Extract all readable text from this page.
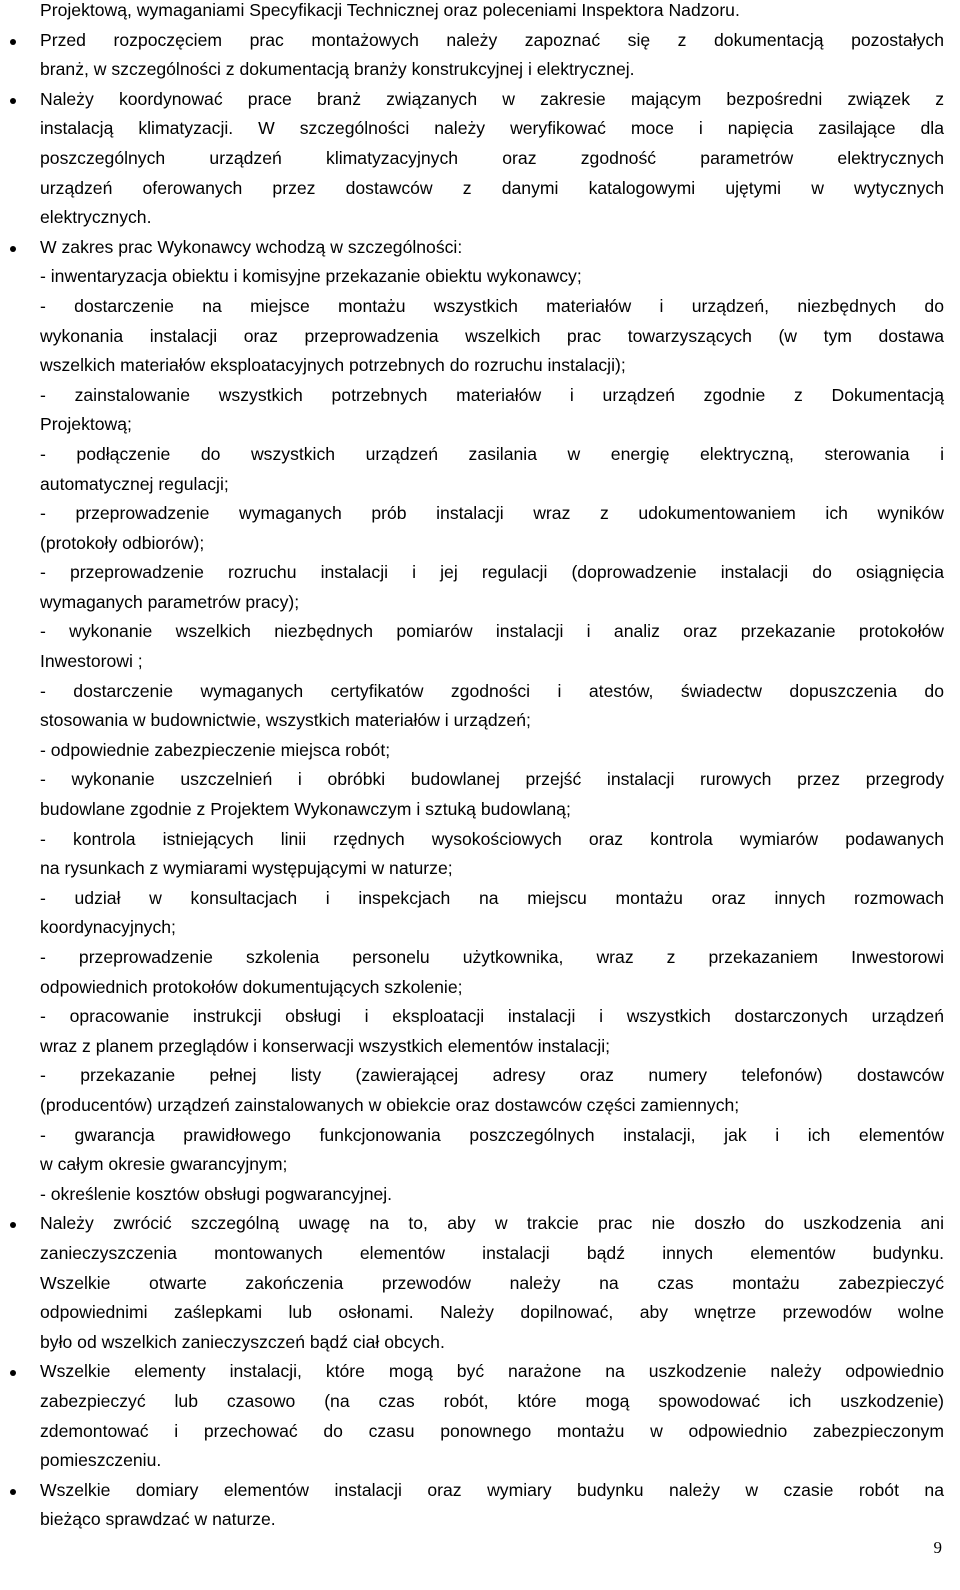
Projektową, wymaganiami Specyfikacji Technicznej oraz poleceniami Inspektora Nadzoru.
Przed rozpoczęciem prac montażowych należy zapoznać się z dokumentacją pozostałych
branż, w szczególności z dokumentacją branży konstrukcyjnej i elektrycznej.
Należy koordynować prace branż związanych w zakresie mającym bezpośredni związek z
instalacją klimatyzacji. W szczególności należy weryfikować moce i napięcia zasilające dla
poszczególnych urządzeń klimatyzacyjnych oraz zgodność parametrów elektrycznych
urządzeń oferowanych przez dostawców z danymi katalogowymi ujętymi w wytycznych
elektrycznych.
W zakres prac Wykonawcy wchodzą w szczególności:
- inwentaryzacja obiektu i komisyjne przekazanie obiektu wykonawcy;
- dostarczenie na miejsce montażu wszystkich materiałów i urządzeń, niezbędnych do
wykonania instalacji oraz przeprowadzenia wszelkich prac towarzyszących (w tym dostawa
wszelkich materiałów eksploatacyjnych potrzebnych do rozruchu instalacji);
- zainstalowanie wszystkich potrzebnych materiałów i urządzeń zgodnie z Dokumentacją
Projektową;
- podłączenie do wszystkich urządzeń zasilania w energię elektryczną, sterowania i
automatycznej regulacji;
- przeprowadzenie wymaganych prób instalacji wraz z udokumentowaniem ich wyników
(protokoły odbiorów);
- przeprowadzenie rozruchu instalacji i jej regulacji (doprowadzenie instalacji do osiągnięcia
wymaganych parametrów pracy);
- wykonanie wszelkich niezbędnych pomiarów instalacji i analiz oraz przekazanie protokołów
Inwestorowi ;
- dostarczenie wymaganych certyfikatów zgodności i atestów, świadectw dopuszczenia do
stosowania w budownictwie, wszystkich materiałów i urządzeń;
- odpowiednie zabezpieczenie miejsca robót;
- wykonanie uszczelnień i obróbki budowlanej przejść instalacji rurowych przez przegrody
budowlane zgodnie z Projektem Wykonawczym i sztuką budowlaną;
- kontrola istniejących linii rzędnych wysokościowych oraz kontrola wymiarów podawanych
na rysunkach z wymiarami występującymi w naturze;
- udział w konsultacjach i inspekcjach na miejscu montażu oraz innych rozmowach
koordynacyjnych;
- przeprowadzenie szkolenia personelu użytkownika, wraz z przekazaniem Inwestorowi
odpowiednich protokołów dokumentujących szkolenie;
- opracowanie instrukcji obsługi i eksploatacji instalacji i wszystkich dostarczonych urządzeń
wraz z planem przeglądów i konserwacji wszystkich elementów instalacji;
- przekazanie pełnej listy (zawierającej adresy oraz numery telefonów) dostawców
(producentów) urządzeń zainstalowanych w obiekcie oraz dostawców części zamiennych;
- gwarancja prawidłowego funkcjonowania poszczególnych instalacji, jak i ich elementów
w całym okresie gwarancyjnym;
- określenie kosztów obsługi pogwarancyjnej.
Należy zwrócić szczególną uwagę na to, aby w trakcie prac nie doszło do uszkodzenia ani
zanieczyszczenia montowanych elementów instalacji bądź innych elementów budynku.
Wszelkie otwarte zakończenia przewodów należy na czas montażu zabezpieczyć
odpowiednimi zaślepkami lub osłonami. Należy dopilnować, aby wnętrze przewodów wolne
było od wszelkich zanieczyszczeń bądź ciał obcych.
Wszelkie elementy instalacji, które mogą być narażone na uszkodzenie należy odpowiednio
zabezpieczyć lub czasowo (na czas robót, które mogą spowodować ich uszkodzenie)
zdemontować i przechować do czasu ponownego montażu w odpowiednio zabezpieczonym
pomieszczeniu.
Wszelkie domiary elementów instalacji oraz wymiary budynku należy w czasie robót na
bieżąco sprawdzać w naturze.
9
